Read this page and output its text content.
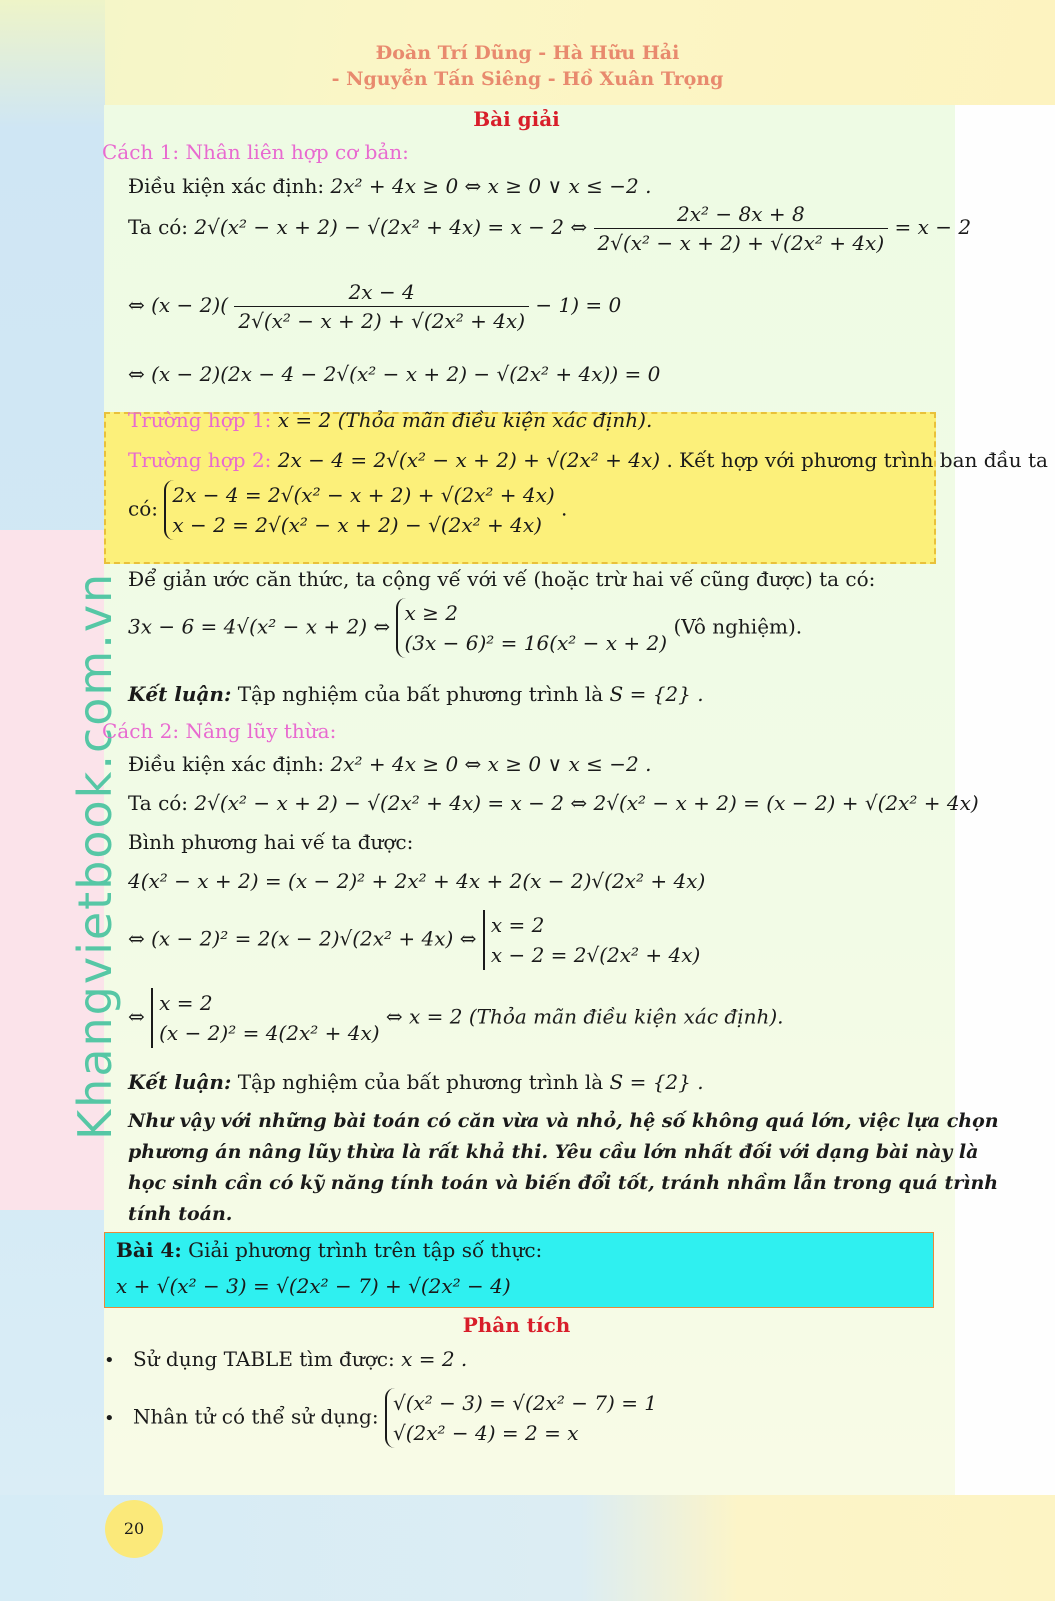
Đoàn Trí Dũng - Hà Hữu Hải
- Nguyễn Tấn Siêng - Hồ Xuân Trọng
Khangvietbook.com.vn
Bài giải
Cách 1: Nhân liên hợp cơ bản:
Điều kiện xác định: 2x² + 4x ≥ 0 ⇔ x ≥ 0 ∨ x ≤ −2 .
Ta có: 2√(x² − x + 2) − √(2x² + 4x) = x − 2 ⇔ $\frac{\text{2x² − 8x + 8}}{\text{2√(x² − x + 2) + √(2x² + 4x)}} = x - 2$
⇔ $(x - 2)( \frac{2x - 4}{\text{2√(x² − x + 2) + √(2x² + 4x)}} - 1) = 0$
⇔ (x − 2)(2x − 4 − 2√(x² − x + 2) − √(2x² + 4x)) = 0
Trường hợp 1: x = 2 (Thỏa mãn điều kiện xác định).
Trường hợp 2: 2x − 4 = 2√(x² − x + 2) + √(2x² + 4x) . Kết hợp với phương trình ban đầu ta
có:
2x − 4 = 2√(x² − x + 2) + √(2x² + 4x)
x − 2 = 2√(x² − x + 2) − √(2x² + 4x)
.
Để giản ước căn thức, ta cộng vế với vế (hoặc trừ hai vế cũng được) ta có:
3x − 6 = 4√(x² − x + 2) ⇔
x ≥ 2
(3x − 6)² = 16(x² − x + 2)
(Vô nghiệm).
Kết luận: Tập nghiệm của bất phương trình là S = {2} .
Cách 2: Nâng lũy thừa:
Điều kiện xác định: 2x² + 4x ≥ 0 ⇔ x ≥ 0 ∨ x ≤ −2 .
Ta có: 2√(x² − x + 2) − √(2x² + 4x) = x − 2 ⇔ 2√(x² − x + 2) = (x − 2) + √(2x² + 4x)
Bình phương hai vế ta được:
4(x² − x + 2) = (x − 2)² + 2x² + 4x + 2(x − 2)√(2x² + 4x)
⇔ (x − 2)² = 2(x − 2)√(2x² + 4x) ⇔
x = 2
x − 2 = 2√(2x² + 4x)
⇔
x = 2
(x − 2)² = 4(2x² + 4x)
⇔ x = 2 (Thỏa mãn điều kiện xác định).
Kết luận: Tập nghiệm của bất phương trình là S = {2} .
Như vậy với những bài toán có căn vừa và nhỏ, hệ số không quá lớn, việc lựa chọn
phương án nâng lũy thừa là rất khả thi. Yêu cầu lớn nhất đối với dạng bài này là
học sinh cần có kỹ năng tính toán và biến đổi tốt, tránh nhầm lẫn trong quá trình
tính toán.
Bài 4: Giải phương trình trên tập số thực:
x + √(x² − 3) = √(2x² − 7) + √(2x² − 4)
Phân tích
• Sử dụng TABLE tìm được: x = 2 .
• Nhân tử có thể sử dụng:
√(x² − 3) = √(2x² − 7) = 1
√(2x² − 4) = 2 = x
20
